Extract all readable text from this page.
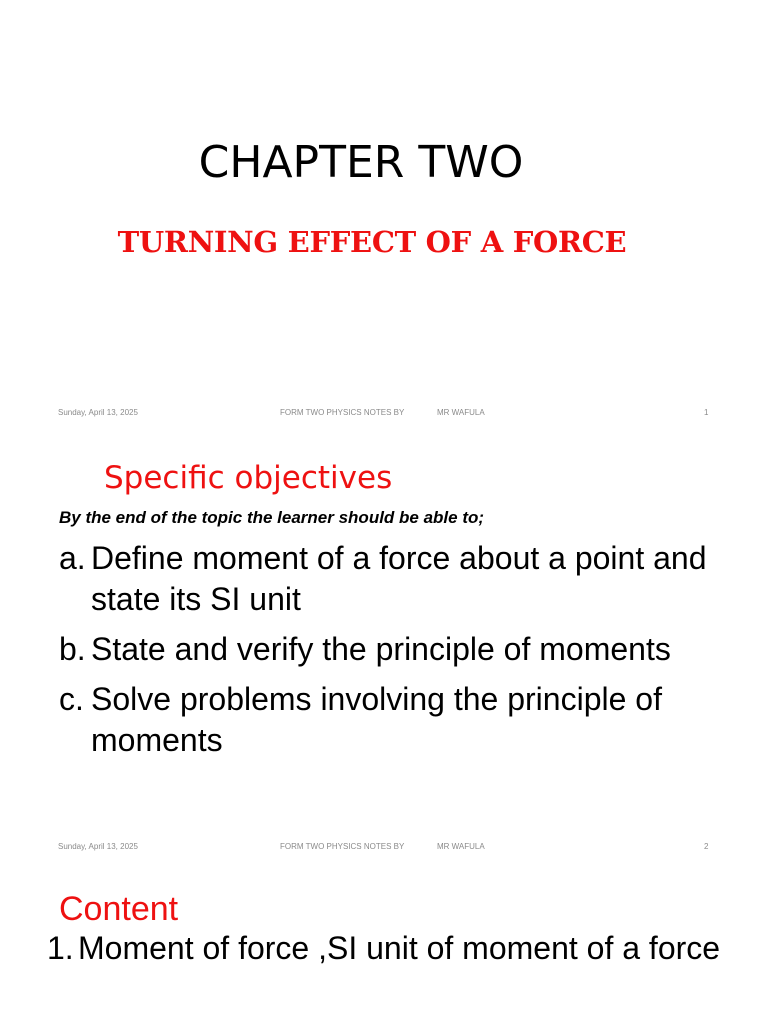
CHAPTER TWO
TURNING EFFECT OF A FORCE
Sunday, April 13, 2025	FORM TWO PHYSICS NOTES BY	MR WAFULA	1
Specific objectives
By the end of the topic the learner should be able to;
a. Define moment of a force about a point and state its SI unit
b. State and verify the principle of moments
c. Solve problems involving the principle of moments
Sunday, April 13, 2025	FORM TWO PHYSICS NOTES BY	MR WAFULA	2
Content
1. Moment of force ,SI unit of moment of a force
